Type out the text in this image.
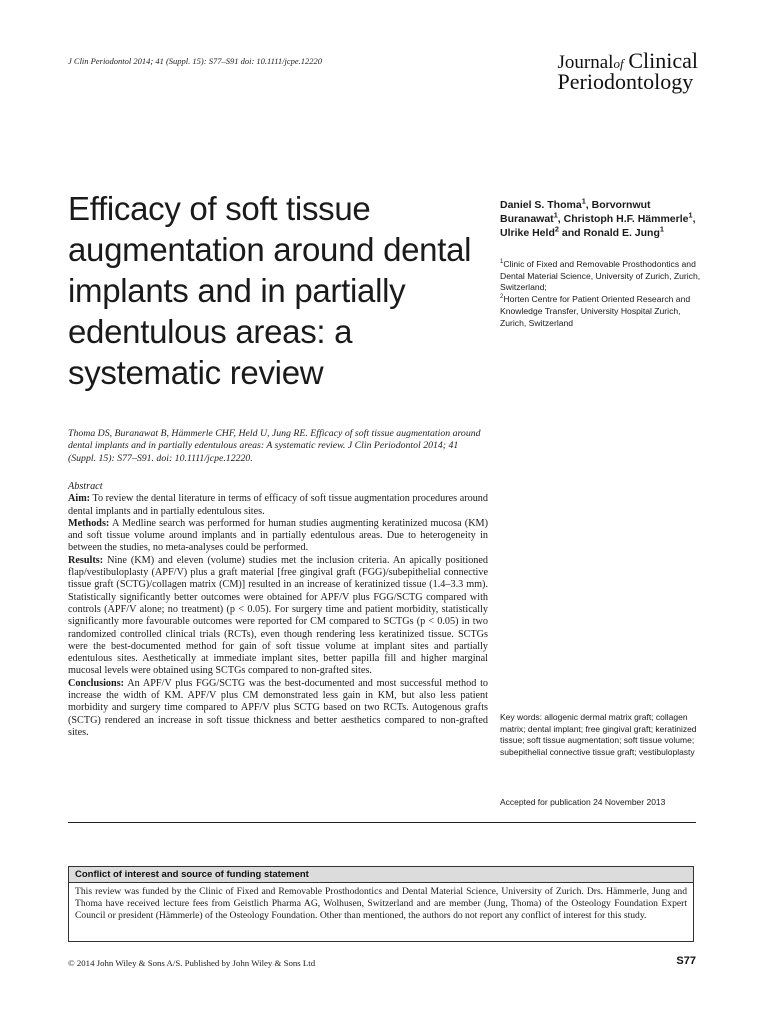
J Clin Periodontol 2014; 41 (Suppl. 15): S77–S91 doi: 10.1111/jcpe.12220	Journalof Clinical
Periodontology
Efficacy of soft tissue augmentation around dental implants and in partially edentulous areas: a systematic review
Daniel S. Thoma$^1$, Borvornwut Buranawat$^1$, Christoph H.F. Hämmerle$^1$, Ulrike Held$^2$ and Ronald E. Jung$^1$
$^1$Clinic of Fixed and Removable Prosthodontics and Dental Material Science, University of Zurich, Zurich, Switzerland;
$^2$Horten Centre for Patient Oriented Research and Knowledge Transfer, University Hospital Zurich, Zurich, Switzerland
Thoma DS, Buranawat B, Hämmerle CHF, Held U, Jung RE. Efficacy of soft tissue augmentation around dental implants and in partially edentulous areas: A systematic review. J Clin Periodontol 2014; 41 (Suppl. 15): S77–S91. doi: 10.1111/jcpe.12220.
Abstract

Aim: To review the dental literature in terms of efficacy of soft tissue augmentation procedures around dental implants and in partially edentulous sites.

Methods: A Medline search was performed for human studies augmenting keratinized mucosa (KM) and soft tissue volume around implants and in partially edentulous areas. Due to heterogeneity in between the studies, no meta-analyses could be performed.

Results: Nine (KM) and eleven (volume) studies met the inclusion criteria. An apically positioned flap/vestibuloplasty (APF/V) plus a graft material [free gingival graft (FGG)/subepithelial connective tissue graft (SCTG)/collagen matrix (CM)] resulted in an increase of keratinized tissue (1.4–3.3 mm). Statistically significantly better outcomes were obtained for APF/V plus FGG/SCTG compared with controls (APF/V alone; no treatment) (p < 0.05). For surgery time and patient morbidity, statistically significantly more favourable outcomes were reported for CM compared to SCTGs (p < 0.05) in two randomized controlled clinical trials (RCTs), even though rendering less keratinized tissue. SCTGs were the best-documented method for gain of soft tissue volume at implant sites and partially edentulous sites. Aesthetically at immediate implant sites, better papilla fill and higher marginal mucosal levels were obtained using SCTGs compared to non-grafted sites.

Conclusions: An APF/V plus FGG/SCTG was the best-documented and most successful method to increase the width of KM. APF/V plus CM demonstrated less gain in KM, but also less patient morbidity and surgery time compared to APF/V plus SCTG based on two RCTs. Autogenous grafts (SCTG) rendered an increase in soft tissue thickness and better aesthetics compared to non-grafted sites.

Key words: allogenic dermal matrix graft; collagen matrix; dental implant; free gingival graft; keratinized tissue; soft tissue augmentation; soft tissue volume; subepithelial connective tissue graft; vestibuloplasty
Accepted for publication 24 November 2013
Conflict of interest and source of funding statement
This review was funded by the Clinic of Fixed and Removable Prosthodontics and Dental Material Science, University of Zurich. Drs. Hämmerle, Jung and Thoma have received lecture fees from Geistlich Pharma AG, Wolhusen, Switzerland and are member (Jung, Thoma) of the Osteology Foundation Expert Council or president (Hämmerle) of the Osteology Foundation. Other than mentioned, the authors do not report any conflict of interest for this study.
© 2014 John Wiley & Sons A/S. Published by John Wiley & Sons Ltd	S77
